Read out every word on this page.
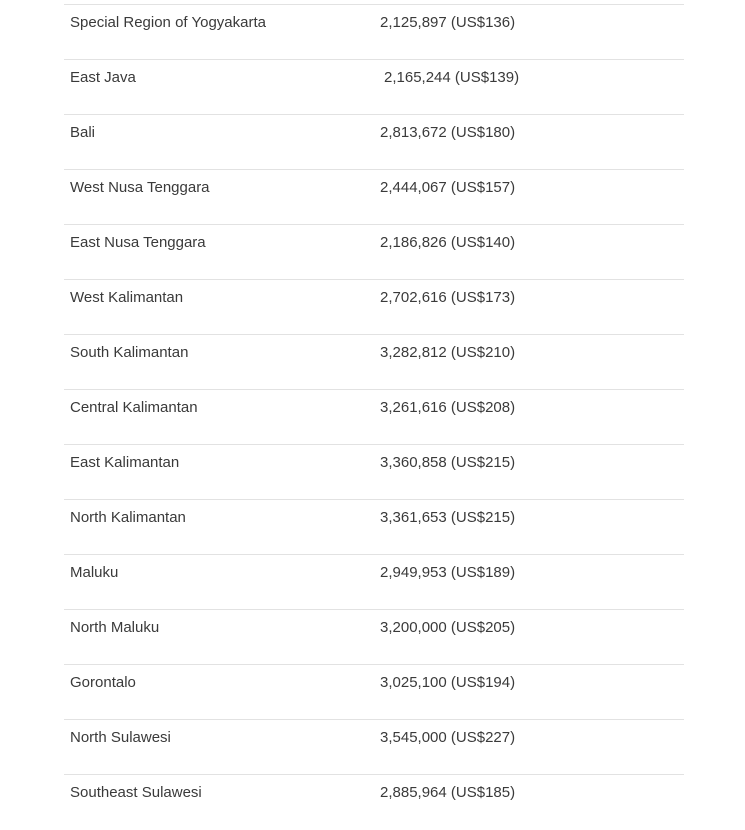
Special Region of Yogyakarta	2,125,897 (US$136)
East Java	2,165,244 (US$139)
Bali	2,813,672 (US$180)
West Nusa Tenggara	2,444,067 (US$157)
East Nusa Tenggara	2,186,826 (US$140)
West Kalimantan	2,702,616 (US$173)
South Kalimantan	3,282,812 (US$210)
Central Kalimantan	3,261,616 (US$208)
East Kalimantan	3,360,858 (US$215)
North Kalimantan	3,361,653 (US$215)
Maluku	2,949,953 (US$189)
North Maluku	3,200,000 (US$205)
Gorontalo	3,025,100 (US$194)
North Sulawesi	3,545,000 (US$227)
Southeast Sulawesi	2,885,964 (US$185)
